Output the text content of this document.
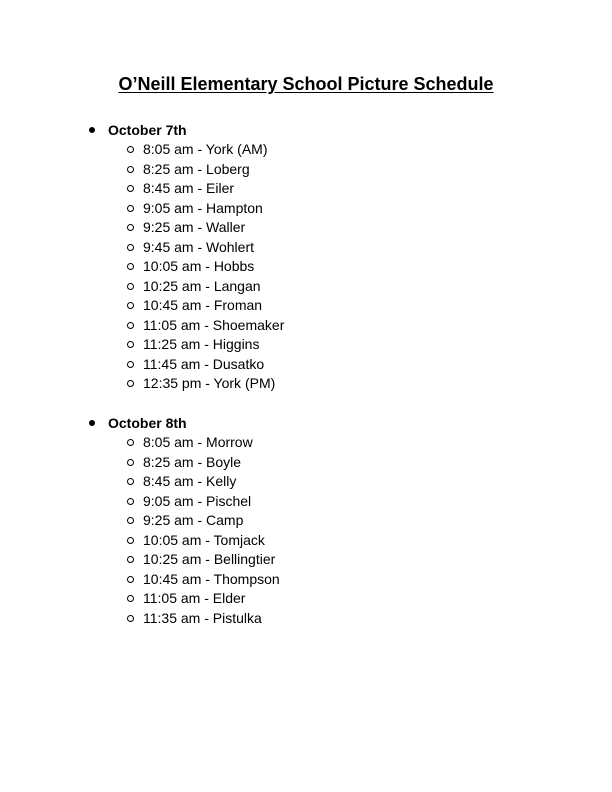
O’Neill Elementary School Picture Schedule
October 7th
8:05 am - York (AM)
8:25 am - Loberg
8:45 am - Eiler
9:05 am - Hampton
9:25 am - Waller
9:45 am - Wohlert
10:05 am - Hobbs
10:25 am - Langan
10:45 am - Froman
11:05 am - Shoemaker
11:25 am - Higgins
11:45 am - Dusatko
12:35 pm - York (PM)
October 8th
8:05 am - Morrow
8:25 am - Boyle
8:45 am - Kelly
9:05 am - Pischel
9:25 am - Camp
10:05 am - Tomjack
10:25 am - Bellingtier
10:45 am - Thompson
11:05 am - Elder
11:35 am - Pistulka
